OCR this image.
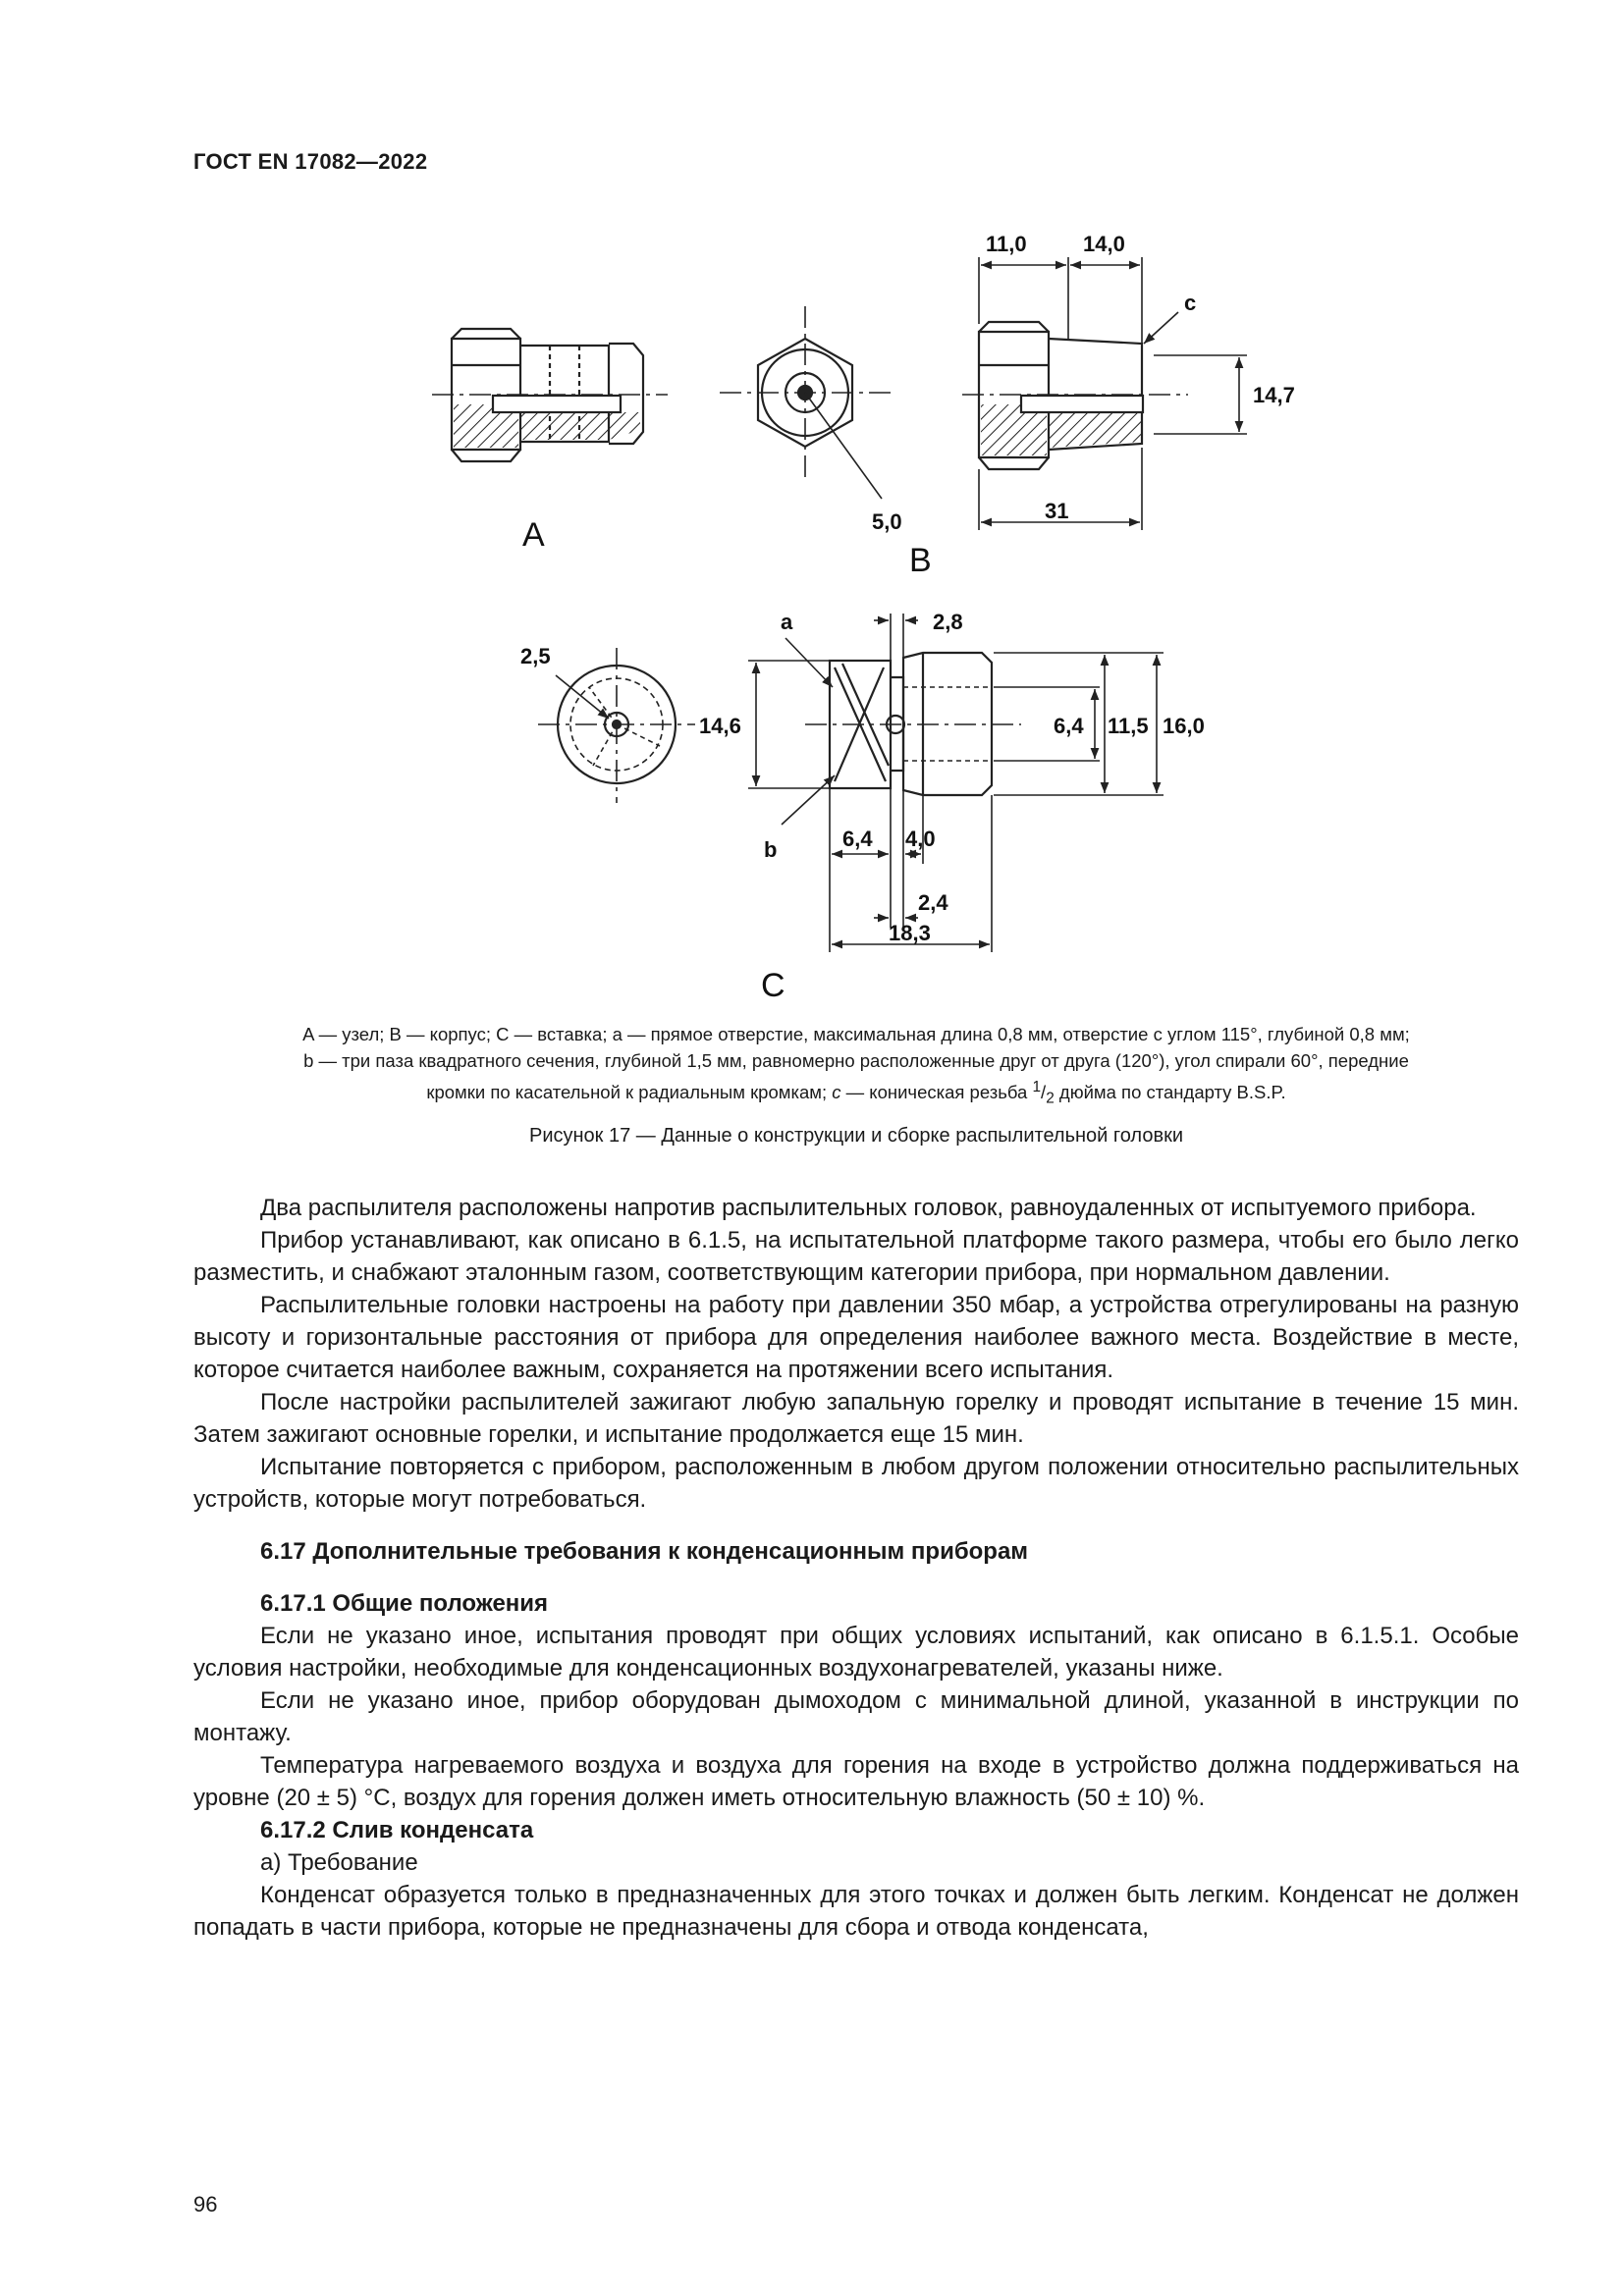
ГОСТ EN 17082—2022
A	5,0
B
11,0	14,0
c
14,7
31
2,5
a	2,8
14,6	6,4 11,5 16,0
b	6,4 4,0
2,4
18,3
C

A — узел; B — корпус; C — вставка; a — прямое отверстие, максимальная длина 0,8 мм, отверстие с углом 115°, глубиной 0,8 мм;

b — три паза квадратного сечения, глубиной 1,5 мм, равномерно расположенные друг от друга (120°), угол спирали 60°, передние

кромки по касательной к радиальным кромкам; c — коническая резьба $^1/_2$ дюйма по стандарту B.S.P.

Рисунок 17 — Данные о конструкции и сборке распылительной головки

Два распылителя расположены напротив распылительных головок, равноудаленных от испытуемого прибора.

Прибор устанавливают, как описано в 6.1.5, на испытательной платформе такого размера, чтобы его было легко разместить, и снабжают эталонным газом, соответствующим категории прибора, при нормальном давлении.

Распылительные головки настроены на работу при давлении 350 мбар, а устройства отрегулированы на разную высоту и горизонтальные расстояния от прибора для определения наиболее важного места. Воздействие в месте, которое считается наиболее важным, сохраняется на протяжении всего испытания.

После настройки распылителей зажигают любую запальную горелку и проводят испытание в течение 15 мин. Затем зажигают основные горелки, и испытание продолжается еще 15 мин.

Испытание повторяется с прибором, расположенным в любом другом положении относительно распылительных устройств, которые могут потребоваться.

6.17 Дополнительные требования к конденсационным приборам

6.17.1 Общие положения

Если не указано иное, испытания проводят при общих условиях испытаний, как описано в 6.1.5.1. Особые условия настройки, необходимые для конденсационных воздухонагревателей, указаны ниже.

Если не указано иное, прибор оборудован дымоходом с минимальной длиной, указанной в инструкции по монтажу.

Температура нагреваемого воздуха и воздуха для горения на входе в устройство должна поддерживаться на уровне (20 ± 5) °С, воздух для горения должен иметь относительную влажность (50 ± 10) %.

6.17.2 Слив конденсата

а) Требование

Конденсат образуется только в предназначенных для этого точках и должен быть легким. Конденсат не должен попадать в части прибора, которые не предназначены для сбора и отвода конденсата,

96
